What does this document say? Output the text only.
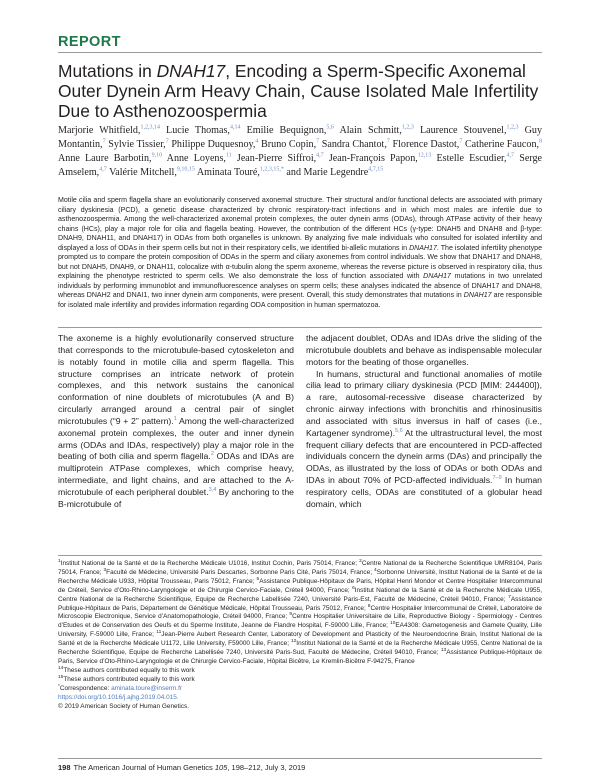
REPORT
Mutations in DNAH17, Encoding a Sperm-Specific Axonemal Outer Dynein Arm Heavy Chain, Cause Isolated Male Infertility Due to Asthenozoospermia
Marjorie Whitfield,$^{1,2,3,14}$ Lucie Thomas,$^{4,14}$ Emilie Bequignon,$^{5,6}$ Alain Schmitt,$^{1,2,3}$ Laurence Stouvenel,$^{1,2,3}$ Guy Montantin,$^7$ Sylvie Tissier,$^7$ Philippe Duquesnoy,$^4$ Bruno Copin,$^7$ Sandra Chantot,$^7$ Florence Dastot,$^7$ Catherine Faucon,$^8$ Anne Laure Barbotin,$^{9,10}$ Anne Loyens,$^{11}$ Jean-Pierre Siffroi,$^{4,7}$ Jean-François Papon,$^{12,13}$ Estelle Escudier,$^{4,7}$ Serge Amselem,$^{4,7}$ Valérie Mitchell,$^{9,10,15}$ Aminata Touré,$^{1,2,3,15,*}$ and Marie Legendre$^{4,7,15}$
Motile cilia and sperm flagella share an evolutionarily conserved axonemal structure. Their structural and/or functional defects are associated with primary ciliary dyskinesia (PCD), a genetic disease characterized by chronic respiratory-tract infections and in which most males are infertile due to asthenozoospermia. Among the well-characterized axonemal protein complexes, the outer dynein arms (ODAs), through ATPase activity of their heavy chains (HCs), play a major role for cilia and flagella beating. However, the contribution of the different HCs (γ-type: DNAH5 and DNAH8 and β-type: DNAH9, DNAH11, and DNAH17) in ODAs from both organelles is unknown. By analyzing five male individuals who consulted for isolated infertility and displayed a loss of ODAs in their sperm cells but not in their respiratory cells, we identified bi-allelic mutations in DNAH17. The isolated infertility phenotype prompted us to compare the protein composition of ODAs in the sperm and ciliary axonemes from control individuals. We show that DNAH17 and DNAH8, but not DNAH5, DNAH9, or DNAH11, colocalize with α-tubulin along the sperm axoneme, whereas the reverse picture is observed in respiratory cilia, thus explaining the phenotype restricted to sperm cells. We also demonstrate the loss of function associated with DNAH17 mutations in two unrelated individuals by performing immunoblot and immunofluorescence analyses on sperm cells; these analyses indicated the absence of DNAH17 and DNAH8, whereas DNAH2 and DNAI1, two inner dynein arm components, were present. Overall, this study demonstrates that mutations in DNAH17 are responsible for isolated male infertility and provides information regarding ODA composition in human spermatozoa.

The axoneme is a highly evolutionarily conserved structure that corresponds to the microtubule-based cytoskeleton and is notably found in motile cilia and sperm flagella. This structure comprises an intricate network of protein complexes, and this network sustains the canonical conformation of nine doublets of microtubules (A and B) circularly arranged around a central pair of singlet microtubules (“9 + 2” pattern).$^1$ Among the well-characterized axonemal protein complexes, the outer and inner dynein arms (ODAs and IDAs, respectively) play a major role in the beating of both cilia and sperm flagella.$^2$ ODAs and IDAs are multiprotein ATPase complexes, which comprise heavy, intermediate, and light chains, and are attached to the A-microtubule of each peripheral doublet.$^{3,4}$ By anchoring to the B-microtubule of

the adjacent doublet, ODAs and IDAs drive the sliding of the microtubule doublets and behave as indispensable molecular motors for the beating of those organelles.

In humans, structural and functional anomalies of motile cilia lead to primary ciliary dyskinesia (PCD [MIM: 244400]), a rare, autosomal-recessive disease characterized by chronic airway infections with bronchitis and rhinosinusitis and associated with situs inversus in half of cases (i.e., Kartagener syndrome).$^{5,6}$ At the ultrastructural level, the most frequent ciliary defects that are encountered in PCD-affected individuals concern the dynein arms (DAs) and principally the ODAs, as illustrated by the loss of ODAs or both ODAs and IDAs in about 70% of PCD-affected individuals.$^{7-9}$ In human respiratory cells, ODAs are constituted of a globular head domain, which

$^1$Institut National de la Santé et de la Recherche Médicale U1016, Institut Cochin, Paris 75014, France; $^2$Centre National de la Recherche Scientifique UMR8104, Paris 75014, France; $^3$Faculté de Médecine, Université Paris Descartes, Sorbonne Paris Cité, Paris 75014, France; $^4$Sorbonne Université, Institut National de la Santé et de la Recherche Médicale U933, Hôpital Trousseau, Paris 75012, France; $^5$Assistance Publique-Hôpitaux de Paris, Hôpital Henri Mondor et Centre Hospitalier Intercommunal de Créteil, Service d’Oto-Rhino-Laryngologie et de Chirurgie Cervico-Faciale, Créteil 94000, France; $^6$Institut National de la Santé et de la Recherche Médicale U955, Centre National de la Recherche Scientifique, Equipe de Recherche Labellisée 7240, Université Paris-Est, Faculté de Médecine, Créteil 94010, France; $^7$Assistance Publique-Hôpitaux de Paris, Département de Génétique Médicale, Hôpital Trousseau, Paris 75012, France; $^8$Centre Hospitalier Intercommunal de Créteil, Laboratoire de Microscopie Electronique, Service d’Anatomopathologie, Créteil 94000, France; $^9$Centre Hospitalier Universitaire de Lille, Reproductive Biology - Spermiology - Centres d’Etudes et de Conservation des Oeufs et du Sperme Institute, Jeanne de Flandre Hospital, F-59000 Lille, France; $^{10}$EA4308: Gametogenesis and Gamete Quality, Lille University, F-59000 Lille, France; $^{11}$Jean-Pierre Aubert Research Center, Laboratory of Development and Plasticity of the Neuroendocrine Brain, Institut National de la Santé et de la Recherche Médicale U1172, Lille University, F59000 Lille, France; $^{12}$Institut National de la Santé et de la Recherche Médicale U955, Centre National de la Recherche Scientifique, Equipe de Recherche Labellisée 7240, Université Paris-Sud, Faculté de Médecine, Créteil 94010, France; $^{13}$Assistance Publique-Hôpitaux de Paris, Service d’Oto-Rhino-Laryngologie et de Chirurgie Cervico-Faciale, Hôpital Bicêtre, Le Kremlin-Bicêtre F-94275, France

$^{14}$These authors contributed equally to this work

$^{15}$These authors contributed equally to this work

*Correspondence: aminata.toure@inserm.fr

https://doi.org/10.1016/j.ajhg.2019.04.015.

© 2019 American Society of Human Genetics.

198 The American Journal of Human Genetics 105, 198–212, July 3, 2019
